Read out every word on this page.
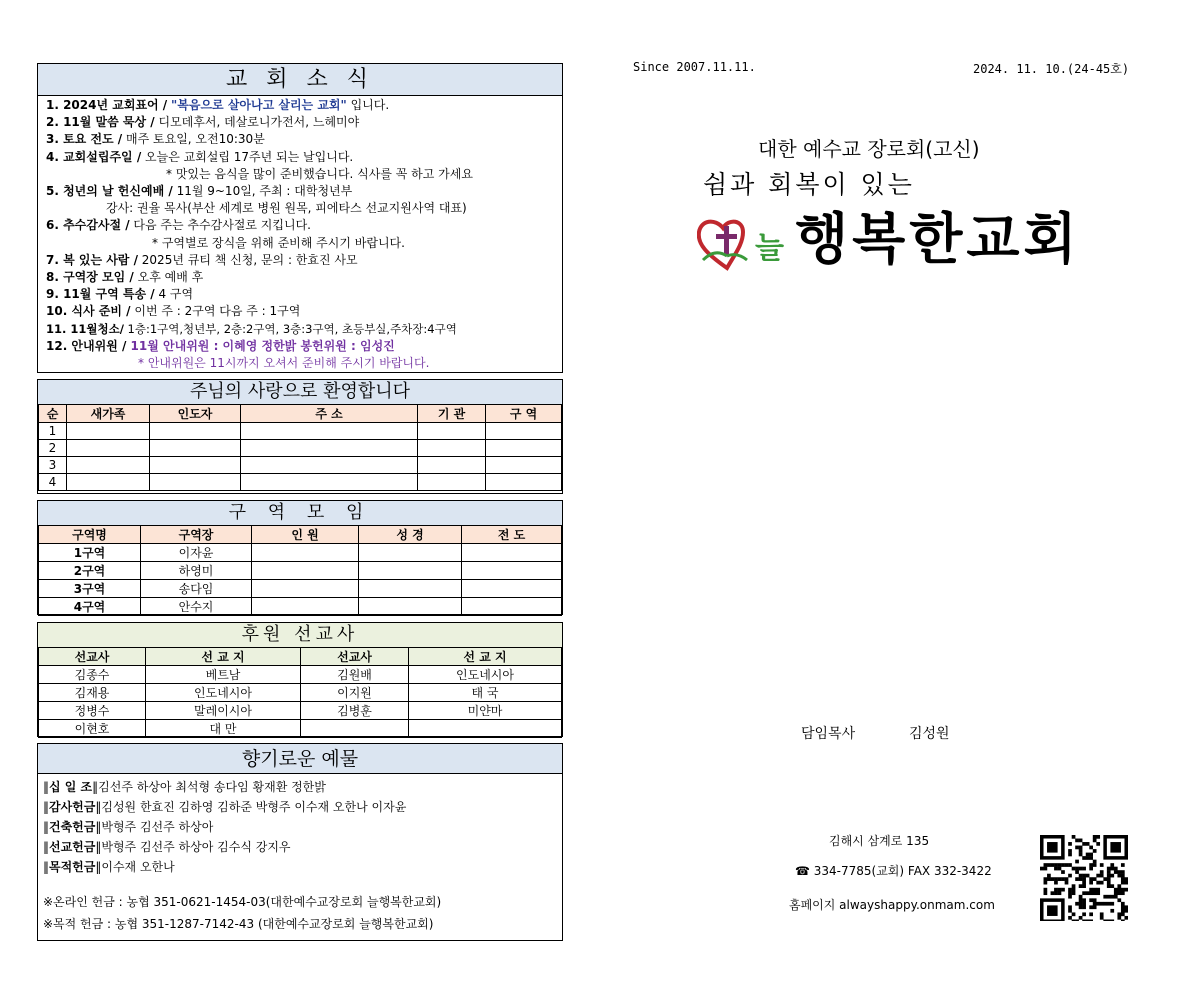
교 회 소 식
1. 2024년 교회표어 / "복음으로 살아나고 살리는 교회" 입니다.
2. 11월 말씀 묵상 / 디모데후서, 데살로니가전서, 느헤미야
3. 토요 전도 / 매주 토요일, 오전10:30분
4. 교회설립주일 / 오늘은 교회설립 17주년 되는 날입니다.
* 맛있는 음식을 많이 준비했습니다. 식사를 꼭 하고 가세요
5. 청년의 날 헌신예배 / 11월 9~10일, 주최 : 대학청년부
강사: 권율 목사(부산 세계로 병원 원목, 피에타스 선교지원사역 대표)
6. 추수감사절 / 다음 주는 추수감사절로 지킵니다.
* 구역별로 장식을 위해 준비해 주시기 바랍니다.
7. 복 있는 사람 / 2025년 큐티 책 신청, 문의 : 한효진 사모
8. 구역장 모임 / 오후 예배 후
9. 11월 구역 특송 / 4 구역
10. 식사 준비 / 이번 주 : 2구역 다음 주 : 1구역
11. 11월청소/ 1층:1구역,청년부, 2층:2구역, 3층:3구역, 초등부실,주차장:4구역
12. 안내위원 / 11월 안내위원 : 이혜영 정한밝 봉헌위원 : 임성진
* 안내위원은 11시까지 오셔서 준비해 주시기 바랍니다.
주님의 사랑으로 환영합니다
순	새가족	인도자	주 소	기 관	구 역
1					
2					
3					
4					
구 역 모 임
구역명	구역장	인 원	성 경	전 도
1구역	이자윤			
2구역	하영미			
3구역	송다임			
4구역	안수지			
후원 선교사
선교사	선 교 지	선교사	선 교 지
김종수	베트남	김원배	인도네시아
김재용	인도네시아	이지원	태 국
정병수	말레이시아	김병훈	미얀마
이현호	대 만		
향기로운 예물
‖십 일 조‖김선주 하상아 최석형 송다임 황재환 정한밝
‖감사헌금‖김성원 한효진 김하영 김하준 박형주 이수재 오한나 이자윤
‖건축헌금‖박형주 김선주 하상아
‖선교헌금‖박형주 김선주 하상아 김수식 강지우
‖목적헌금‖이수재 오한나
※온라인 헌금 : 농협 351-0621-1454-03(대한예수교장로회 늘행복한교회)
※목적 헌금 : 농협 351-1287-7142-43 (대한예수교장로회 늘행복한교회)
Since 2007.11.11.	2024. 11. 10.(24-45호)
대한 예수교 장로회(고신)
쉼과 회복이 있는
늘 행복한교회
담임목사	김성원
김해시 삼계로 135
☎ 334-7785(교회) FAX 332-3422
홈페이지 alwayshappy.onmam.com
